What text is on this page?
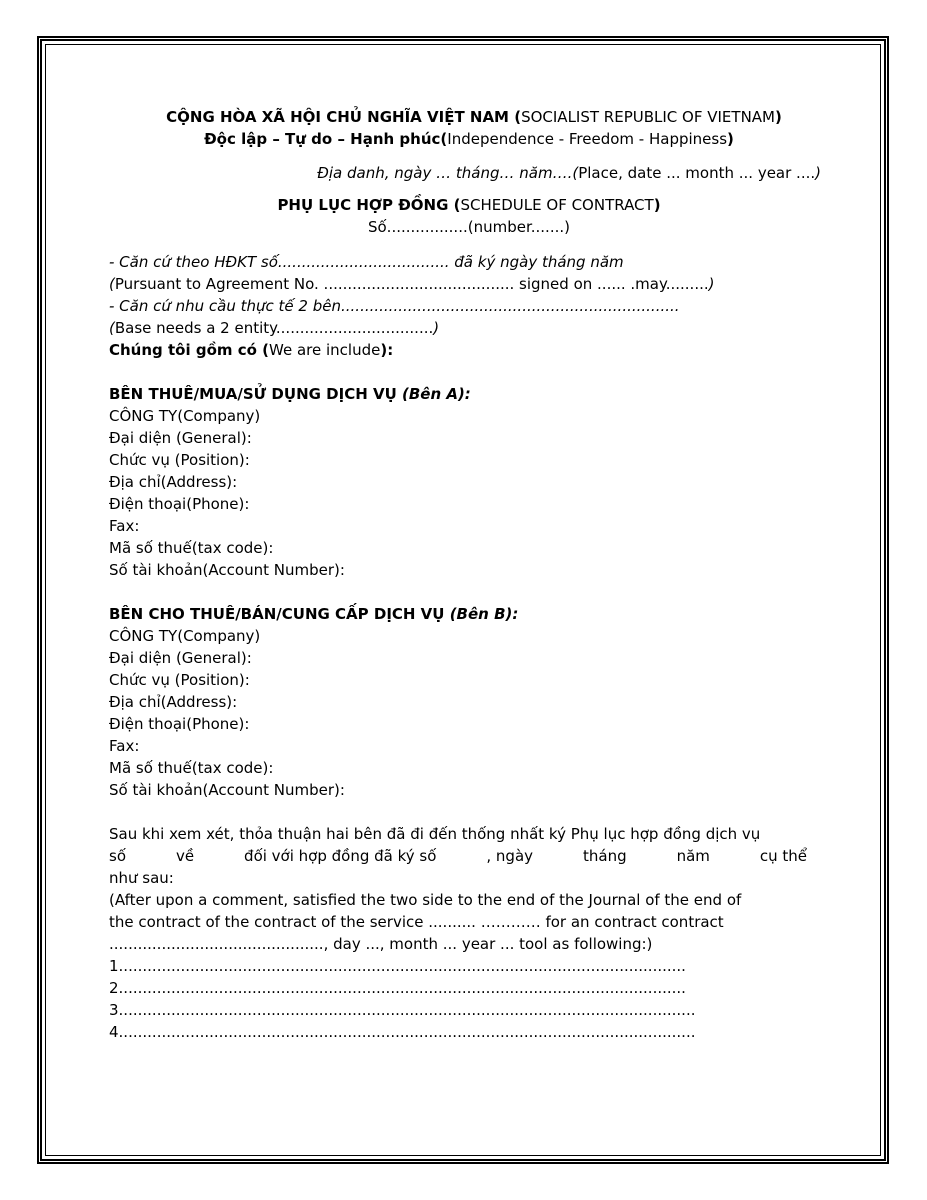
CỘNG HÒA XÃ HỘI CHỦ NGHĨA VIỆT NAM (SOCIALIST REPUBLIC OF VIETNAM)
Độc lập – Tự do – Hạnh phúc(Independence - Freedom - Happiness)
Địa danh, ngày … tháng… năm….(Place, date ... month ... year ....)
PHỤ LỤC HỢP ĐỒNG (SCHEDULE OF CONTRACT)
Số.................(number.......)
- Căn cứ theo HĐKT số.................................... đã ký ngày tháng năm
(Pursuant to Agreement No. ........................................ signed on ...... .may.........)
- Căn cứ nhu cầu thực tế 2 bên.......................................................................
(Base needs a 2 entity.................................)
Chúng tôi gồm có (We are include):
BÊN THUÊ/MUA/SỬ DỤNG DỊCH VỤ (Bên A):
CÔNG TY(Company)
Đại diện (General):
Chức vụ (Position):
Địa chỉ(Address):
Điện thoại(Phone):
Fax:
Mã số thuế(tax code):
Số tài khoản(Account Number):
BÊN CHO THUÊ/BÁN/CUNG CẤP DỊCH VỤ (Bên B):
CÔNG TY(Company)
Đại diện (General):
Chức vụ (Position):
Địa chỉ(Address):
Điện thoại(Phone):
Fax:
Mã số thuế(tax code):
Số tài khoản(Account Number):
Sau khi xem xét, thỏa thuận hai bên đã đi đến thống nhất ký Phụ lục hợp đồng dịch vụ
số	về	đối với hợp đồng đã ký số	, ngày	tháng	năm	cụ thể
như sau:
(After upon a comment, satisfied the two side to the end of the Journal of the end of
the contract of the contract of the service .......... ………… for an contract contract
............................................., day ..., month ... year ... tool as following:)
1.......................................................................................................................
2.......................................................................................................................
3.........................................................................................................................
4.........................................................................................................................
